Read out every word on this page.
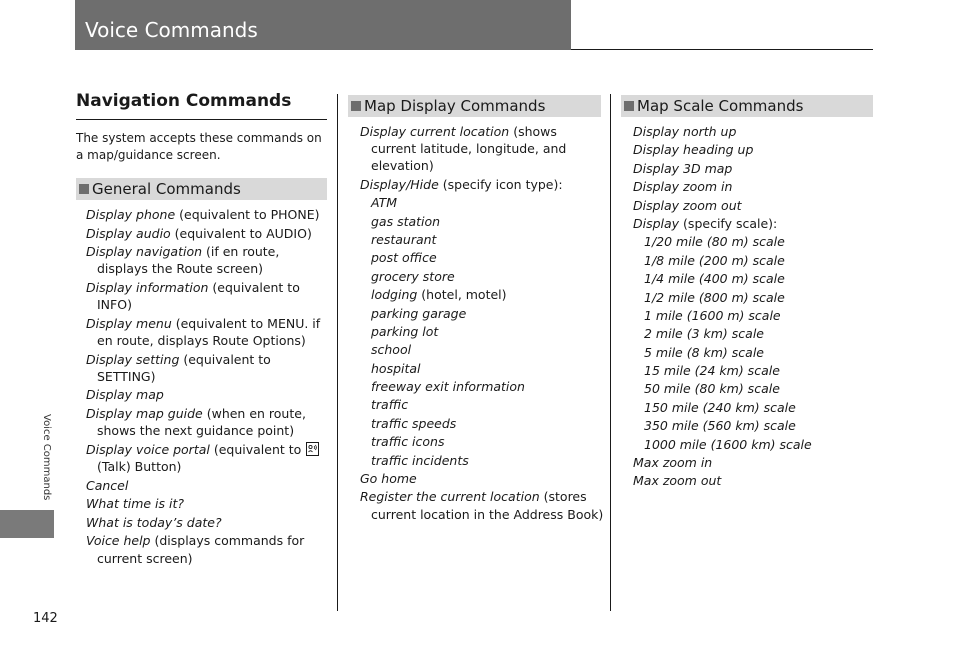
Voice Commands
Voice Commands
142
Navigation Commands
The system accepts these commands on a map/guidance screen.
General Commands
Display phone (equivalent to PHONE)
Display audio (equivalent to AUDIO)
Display navigation (if en route, displays the Route screen)
Display information (equivalent to INFO)
Display menu (equivalent to MENU. if en route, displays Route Options)
Display setting (equivalent to SETTING)
Display map
Display map guide (when en route, shows the next guidance point)
Display voice portal (equivalent to
(Talk) Button)
Cancel
What time is it?
What is today’s date?
Voice help (displays commands for current screen)
Map Display Commands
Display current location (shows current latitude, longitude, and elevation)
Display/Hide (specify icon type):
ATM
gas station
restaurant
post office
grocery store
lodging (hotel, motel)
parking garage
parking lot
school
hospital
freeway exit information
traffic
traffic speeds
traffic icons
traffic incidents
Go home
Register the current location (stores current location in the Address Book)
Map Scale Commands
Display north up
Display heading up
Display 3D map
Display zoom in
Display zoom out
Display (specify scale):
1/20 mile (80 m) scale
1/8 mile (200 m) scale
1/4 mile (400 m) scale
1/2 mile (800 m) scale
1 mile (1600 m) scale
2 mile (3 km) scale
5 mile (8 km) scale
15 mile (24 km) scale
50 mile (80 km) scale
150 mile (240 km) scale
350 mile (560 km) scale
1000 mile (1600 km) scale
Max zoom in
Max zoom out
